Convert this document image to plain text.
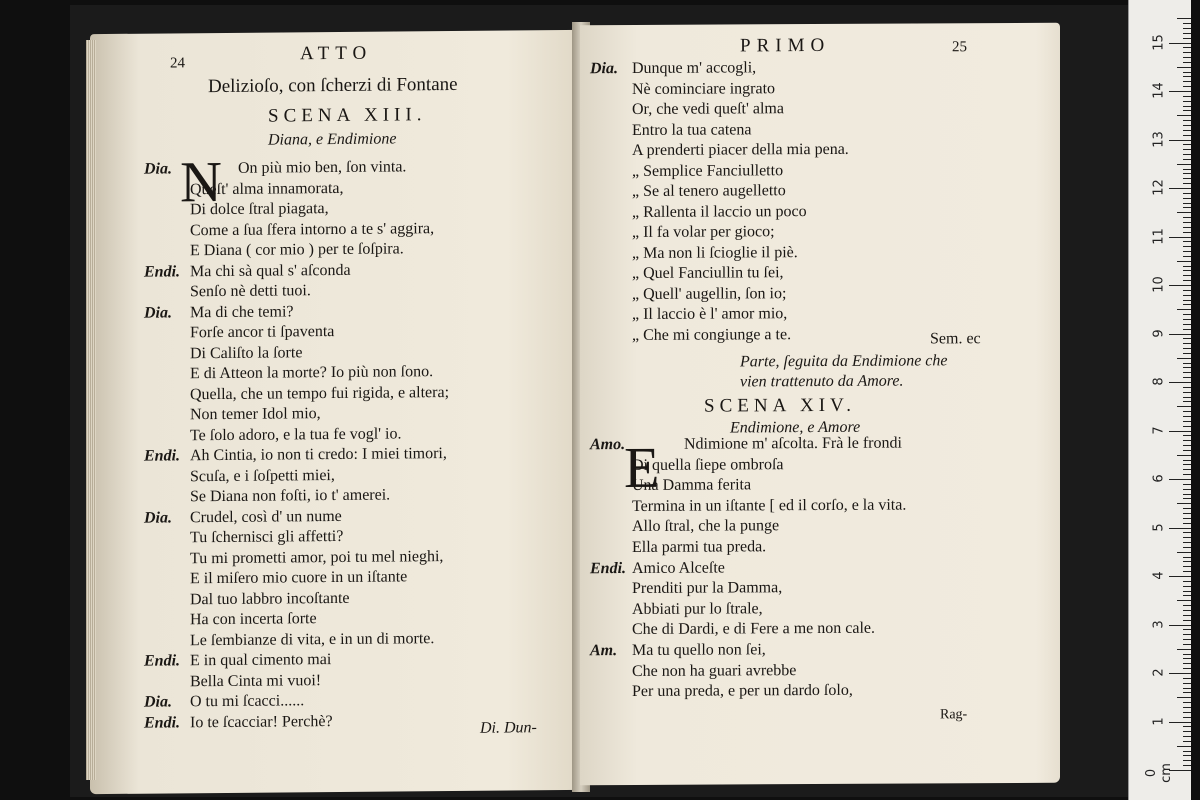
24	ATTO
Delizioſo, con ſcherzi di Fontane
SCENA XIII.
Diana, e Endimione
N
Dia.	On più mio ben, ſon vinta.
Queſt' alma innamorata,
Di dolce ſtral piagata,
Come a ſua ſfera intorno a te s' aggira,
E Diana ( cor mio ) per te ſoſpira.
Endi. Ma chi sà qual s' aſconda
Senſo nè detti tuoi.
Dia. Ma di che temi?
Forſe ancor ti ſpaventa
Di Caliſto la ſorte
E di Atteon la morte? Io più non ſono.
Quella, che un tempo fui rigida, e altera;
Non temer Idol mio,
Te ſolo adoro, e la tua fe vogl' io.
Endi. Ah Cintia, io non ti credo: I miei timori,
Scuſa, e i ſoſpetti miei,
Se Diana non foſti, io t' amerei.
Dia. Crudel, così d' un nume
Tu ſchernisci gli affetti?
Tu mi prometti amor, poi tu mel nieghi,
E il miſero mio cuore in un iſtante
Dal tuo labbro incoſtante
Ha con incerta ſorte
Le ſembianze di vita, e in un di morte.
Endi. E in qual cimento mai
Bella Cinta mi vuoi!
Dia. O tu mi ſcacci......
Endi. Io te ſcacciar! Perchè?	Di. Dun-
PRIMO	25
Dia. Dunque m' accogli,
Nè cominciare ingrato
Or, che vedi queſt' alma
Entro la tua catena
A prenderti piacer della mia pena.
„ Semplice Fanciulletto
„ Se al tenero augelletto
„ Rallenta il laccio un poco
„ Il fa volar per gioco;
„ Ma non li ſcioglie il piè.
„ Quel Fanciullin tu ſei,
„ Quell' augellin, ſon io;
„ Il laccio è l' amor mio,
„ Che mi congiunge a te.	Sem. ec
Parte, ſeguita da Endimione che
vien trattenuto da Amore.
SCENA XIV.
Endimione, e Amore
E
Amo.	Ndimione m' aſcolta. Frà le frondi
Di quella ſiepe ombroſa
Una Damma ferita
Termina in un iſtante [ ed il corſo, e la vita.
Allo ſtral, che la punge
Ella parmi tua preda.
Endi. Amico Alceſte
Prenditi pur la Damma,
Abbiati pur lo ſtrale,
Che di Dardi, e di Fere a me non cale.
Am. Ma tu quello non ſei,
Che non ha guari avrebbe
Per una preda, e per un dardo ſolo,
Rag-
0 cm
1
2
3
4
5
6
7
8
9
10
11
12
13
14
15
